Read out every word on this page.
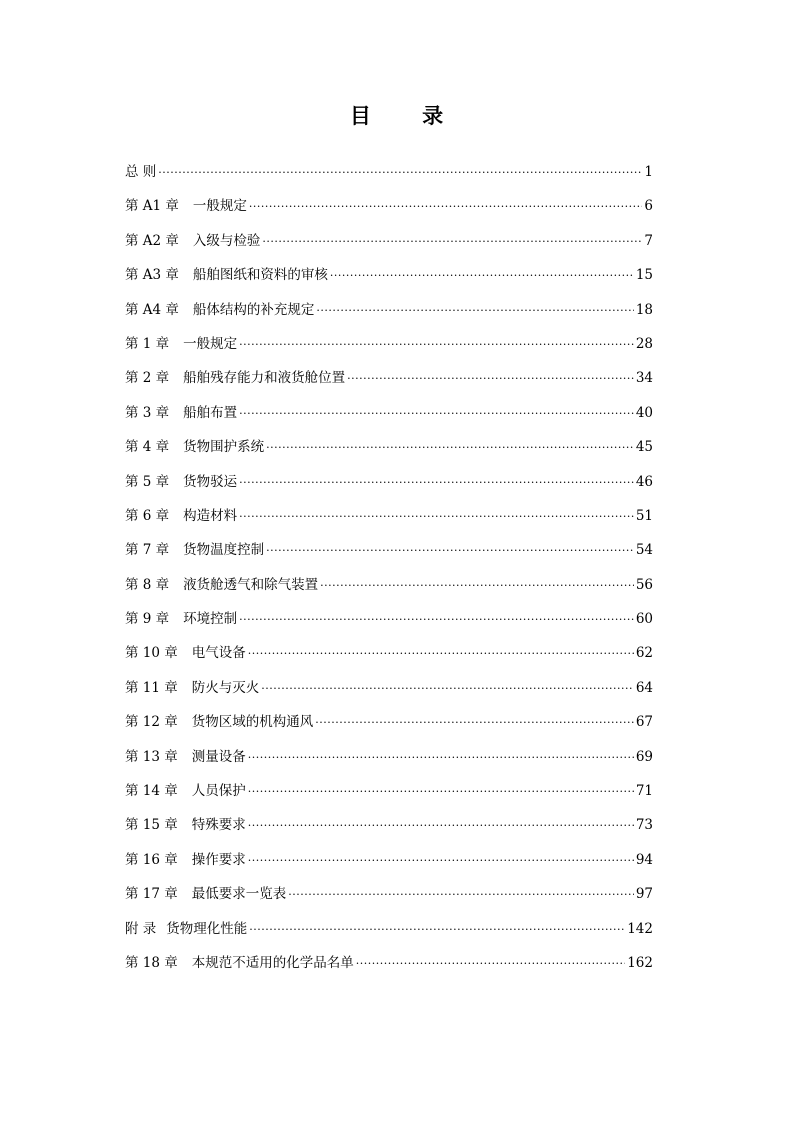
目 录
总 则 ·····	1
第 A1 章 一般规定 ·····	6
第 A2 章 入级与检验 ·····	7
第 A3 章 船舶图纸和资料的审核 ·····	15
第 A4 章 船体结构的补充规定 ·····	18
第 1 章 一般规定 ·····	28
第 2 章 船舶残存能力和液货舱位置 ·····	34
第 3 章 船舶布置 ·····	40
第 4 章 货物围护系统 ·····	45
第 5 章 货物驳运 ·····	46
第 6 章 构造材料 ·····	51
第 7 章 货物温度控制 ·····	54
第 8 章 液货舱透气和除气装置 ·····	56
第 9 章 环境控制 ·····	60
第 10 章 电气设备 ·····	62
第 11 章 防火与灭火 ·····	64
第 12 章 货物区域的机构通风 ·····	67
第 13 章 测量设备 ·····	69
第 14 章 人员保护 ·····	71
第 15 章 特殊要求 ·····	73
第 16 章 操作要求 ·····	94
第 17 章 最低要求一览表 ·····	97
附 录 货物理化性能 ·····	142
第 18 章 本规范不适用的化学品名单 ·····	162
